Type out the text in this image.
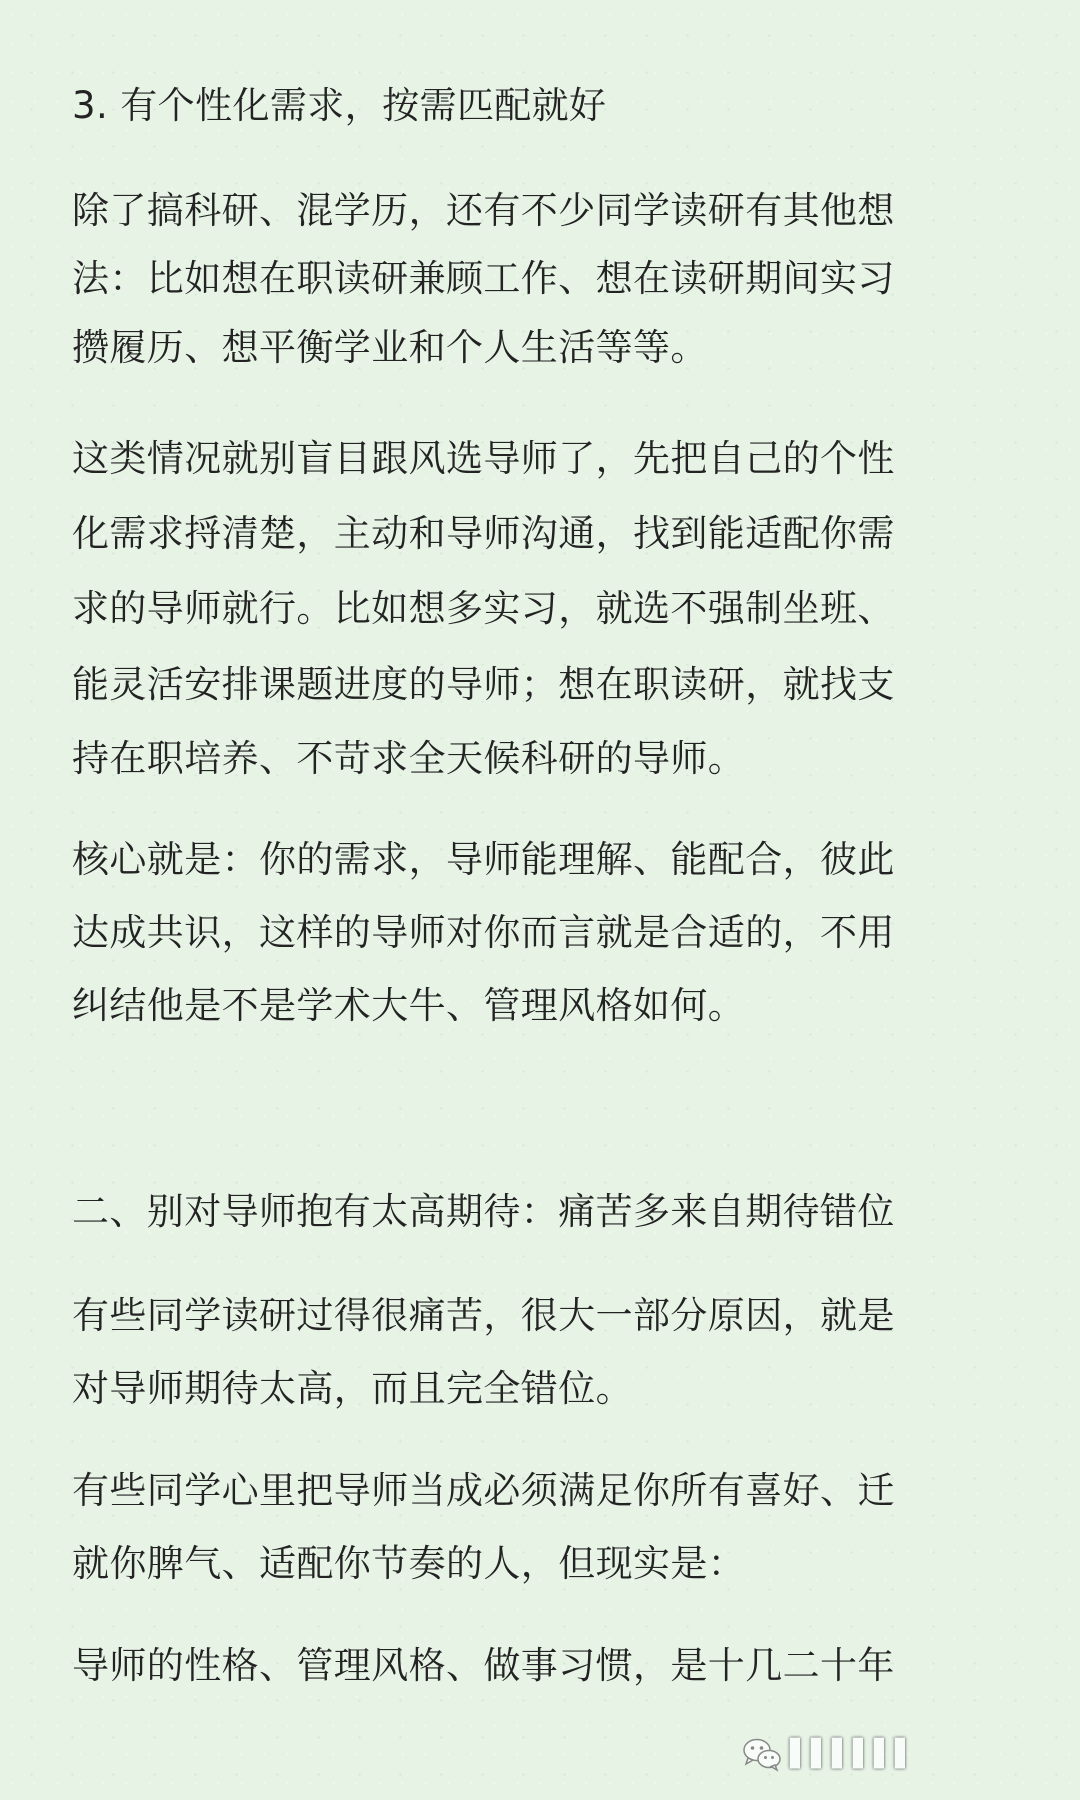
3. 有个性化需求，按需匹配就好
除了搞科研、混学历，还有不少同学读研有其他想
法：比如想在职读研兼顾工作、想在读研期间实习
攒履历、想平衡学业和个人生活等等。
这类情况就别盲目跟风选导师了，先把自己的个性
化需求捋清楚，主动和导师沟通，找到能适配你需
求的导师就行。比如想多实习，就选不强制坐班、
能灵活安排课题进度的导师；想在职读研，就找支
持在职培养、不苛求全天候科研的导师。
核心就是：你的需求，导师能理解、能配合，彼此
达成共识，这样的导师对你而言就是合适的，不用
纠结他是不是学术大牛、管理风格如何。
二、别对导师抱有太高期待：痛苦多来自期待错位
有些同学读研过得很痛苦，很大一部分原因，就是
对导师期待太高，而且完全错位。
有些同学心里把导师当成必须满足你所有喜好、迁
就你脾气、适配你节奏的人，但现实是：
导师的性格、管理风格、做事习惯，是十几二十年
▌▌▌▌▌▌
